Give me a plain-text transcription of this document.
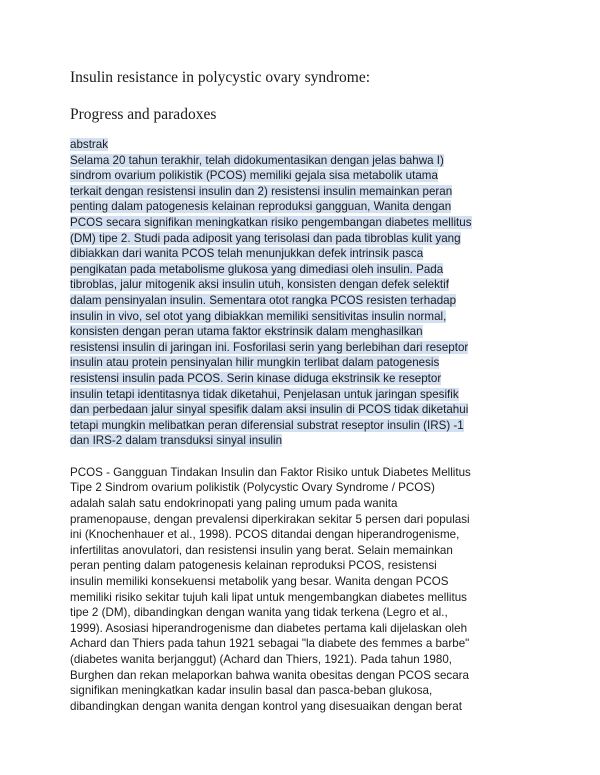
Insulin resistance in polycystic ovary syndrome:
Progress and paradoxes
abstrak
Selama 20 tahun terakhir, telah didokumentasikan dengan jelas bahwa I)
sindrom ovarium polikistik (PCOS) memiliki gejala sisa metabolik utama
terkait dengan resistensi insulin dan 2) resistensi insulin memainkan peran
penting dalam patogenesis kelainan reproduksi gangguan, Wanita dengan
PCOS secara signifikan meningkatkan risiko pengembangan diabetes mellitus
(DM) tipe 2. Studi pada adiposit yang terisolasi dan pada tibroblas kulit yang
dibiakkan dari wanita PCOS telah menunjukkan defek intrinsik pasca
pengikatan pada metabolisme glukosa yang dimediasi oleh insulin. Pada
tibroblas, jalur mitogenik aksi insulin utuh, konsisten dengan defek selektif
dalam pensinyalan insulin. Sementara otot rangka PCOS resisten terhadap
insulin in vivo, sel otot yang dibiakkan memiliki sensitivitas insulin normal,
konsisten dengan peran utama faktor ekstrinsik dalam menghasilkan
resistensi insulin di jaringan ini. Fosforilasi serin yang berlebihan dari reseptor
insulin atau protein pensinyalan hilir mungkin terlibat dalam patogenesis
resistensi insulin pada PCOS. Serin kinase diduga ekstrinsik ke reseptor
insulin tetapi identitasnya tidak diketahui, Penjelasan untuk jaringan spesifik
dan perbedaan jalur sinyal spesifik dalam aksi insulin di PCOS tidak diketahui
tetapi mungkin melibatkan peran diferensial substrat reseptor insulin (IRS) -1
dan IRS-2 dalam transduksi sinyal insulin
PCOS - Gangguan Tindakan Insulin dan Faktor Risiko untuk Diabetes Mellitus
Tipe 2 Sindrom ovarium polikistik (Polycystic Ovary Syndrome / PCOS)
adalah salah satu endokrinopati yang paling umum pada wanita
pramenopause, dengan prevalensi diperkirakan sekitar 5 persen dari populasi
ini (Knochenhauer et al., 1998). PCOS ditandai dengan hiperandrogenisme,
infertilitas anovulatori, dan resistensi insulin yang berat. Selain memainkan
peran penting dalam patogenesis kelainan reproduksi PCOS, resistensi
insulin memiliki konsekuensi metabolik yang besar. Wanita dengan PCOS
memiliki risiko sekitar tujuh kali lipat untuk mengembangkan diabetes mellitus
tipe 2 (DM), dibandingkan dengan wanita yang tidak terkena (Legro et al.,
1999). Asosiasi hiperandrogenisme dan diabetes pertama kali dijelaskan oleh
Achard dan Thiers pada tahun 1921 sebagai "la diabete des femmes a barbe"
(diabetes wanita berjanggut) (Achard dan Thiers, 1921). Pada tahun 1980,
Burghen dan rekan melaporkan bahwa wanita obesitas dengan PCOS secara
signifikan meningkatkan kadar insulin basal dan pasca-beban glukosa,
dibandingkan dengan wanita dengan kontrol yang disesuaikan dengan berat
